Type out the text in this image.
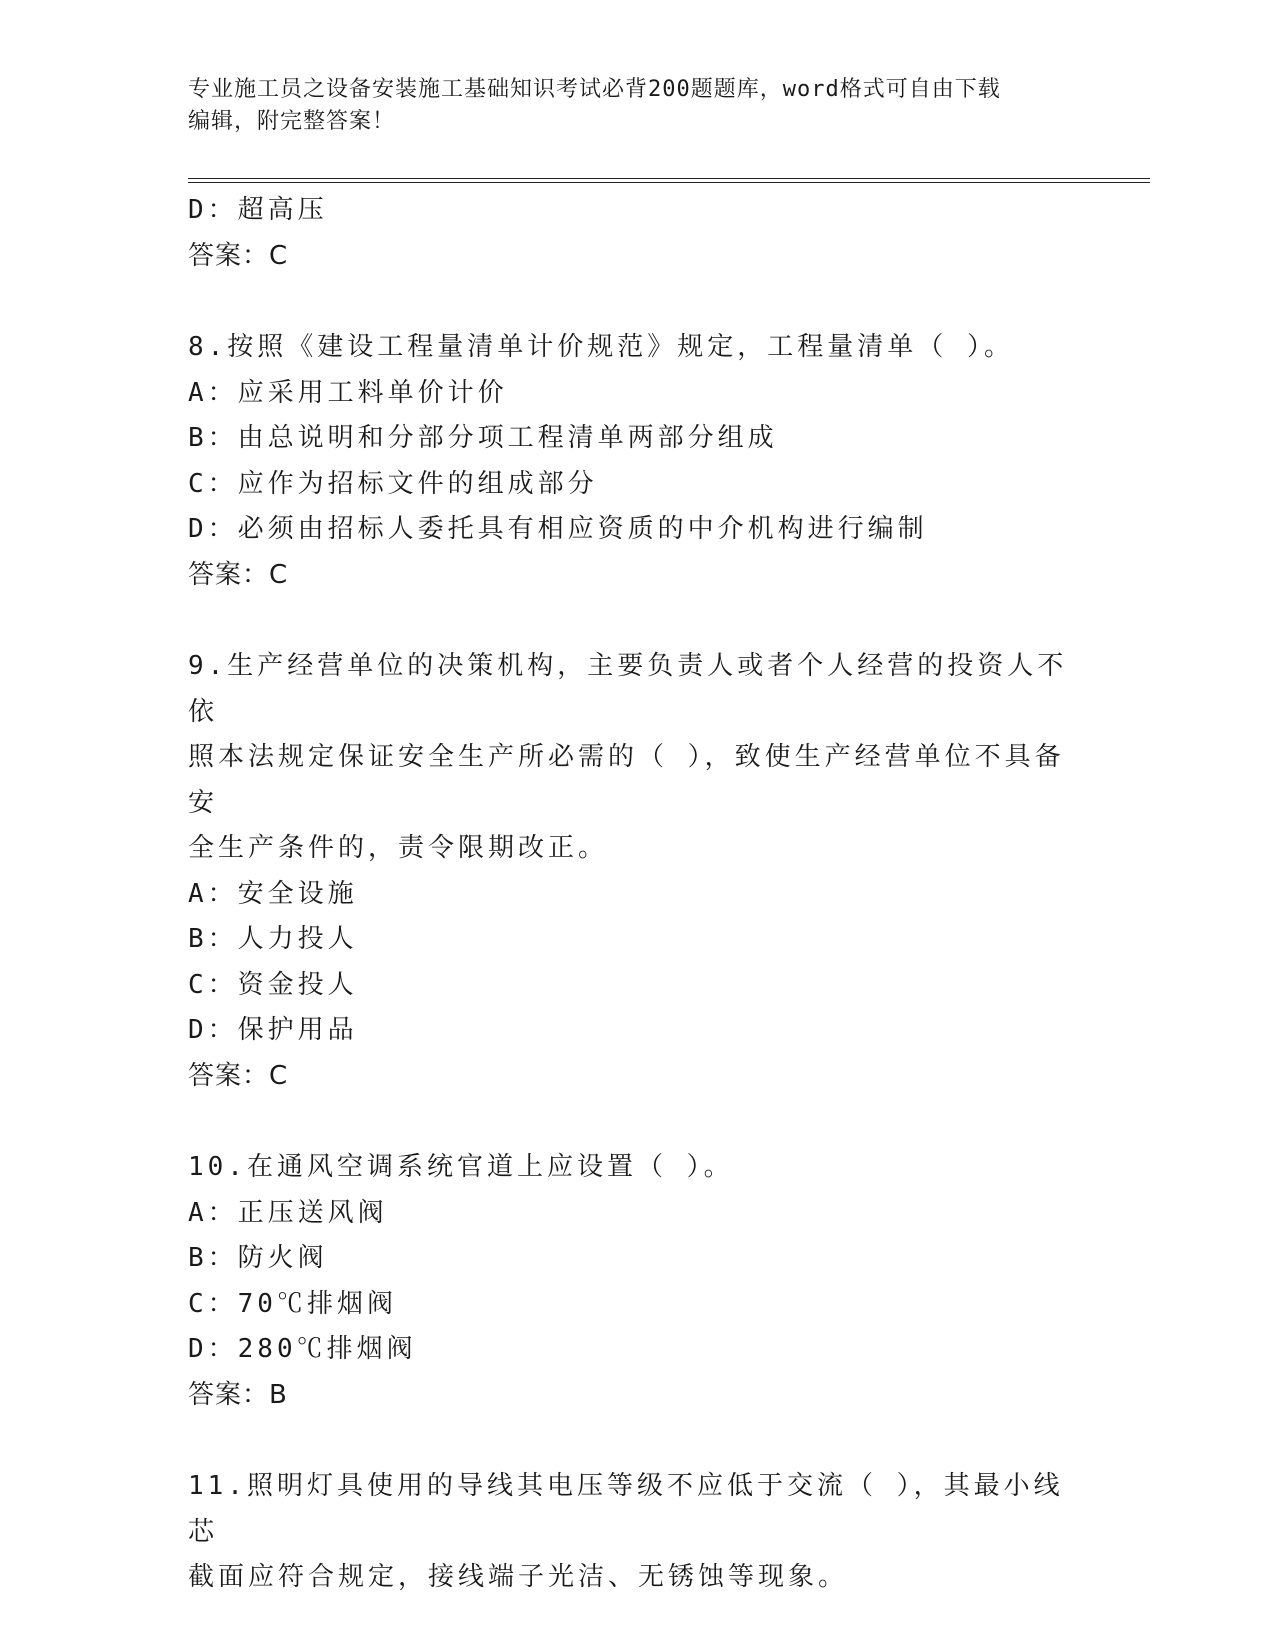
专业施工员之设备安装施工基础知识考试必背200题题库，word格式可自由下载
编辑，附完整答案！
D：超高压
答案：C
8.按照《建设工程量清单计价规范》规定，工程量清单（ ）。
A：应采用工料单价计价
B：由总说明和分部分项工程清单两部分组成
C：应作为招标文件的组成部分
D：必须由招标人委托具有相应资质的中介机构进行编制
答案：C
9.生产经营单位的决策机构，主要负责人或者个人经营的投资人不依
照本法规定保证安全生产所必需的（ ），致使生产经营单位不具备安
全生产条件的，责令限期改正。
A：安全设施
B：人力投人
C：资金投人
D：保护用品
答案：C
10.在通风空调系统官道上应设置（ ）。
A：正压送风阀
B：防火阀
C：70℃排烟阀
D：280℃排烟阀
答案：B
11.照明灯具使用的导线其电压等级不应低于交流（ ），其最小线芯
截面应符合规定，接线端子光洁、无锈蚀等现象。
